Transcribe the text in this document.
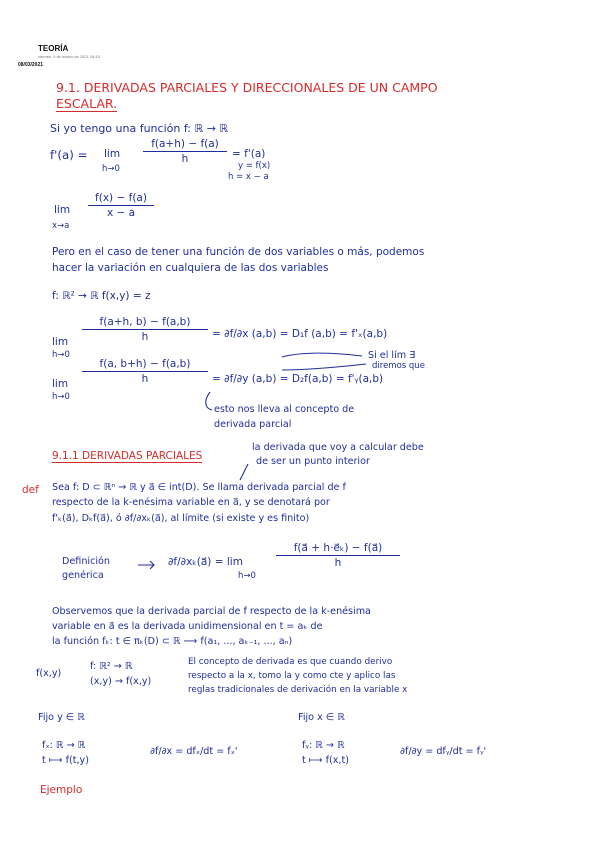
TEORÍA
viernes, 9 de marzo de 2021 18:43
08/03/2021
9.1. DERIVADAS PARCIALES Y DIRECCIONALES DE UN CAMPO
ESCALAR.
Si yo tengo una función f: ℝ → ℝ
f'(a) = lim
h→0
f(a+h) − f(a)
h	= f'(a)
y = f(x)
h = x − a
lim
x→a
f(x) − f(a)
x − a
Pero en el caso de tener una función de dos variables o más, podemos
hacer la variación en cualquiera de las dos variables
f: ℝ² → ℝ f(x,y) = z
lim
h→0
f(a+h, b) − f(a,b)
h	= ∂f/∂x (a,b) = D₁f (a,b) = f'ₓ(a,b)
lim
h→0
f(a, b+h) − f(a,b)
h	= ∂f/∂y (a,b) = D₂f(a,b) = f'ᵧ(a,b)
Si el lím ∃
diremos que
esto nos lleva al concepto de
derivada parcial
9.1.1 DERIVADAS PARCIALES
la derivada que voy a calcular debe
de ser un punto interior
def Sea f: D ⊂ ℝⁿ → ℝ y a⃗ ∈ int(D). Se llama derivada parcial de f
respecto de la k-enésima variable en a⃗, y se denotará por
f'ₖ(a⃗), Dₖf(a⃗), ó ∂f/∂xₖ(a⃗), al límite (si existe y es finito)
Definición
genérica
∂f/∂xₖ(a⃗) = lim
h→0
f(a⃗ + h·e⃗ₖ) − f(a⃗)
h
Observemos que la derivada parcial de f respecto de la k-enésima
variable en a⃗ es la derivada unidimensional en t = aₖ de
la función fₖ: t ∈ πₖ(D) ⊂ ℝ ⟶ f(a₁, ..., aₖ₋₁, ..., aₙ)
f(x,y)
f: ℝ² → ℝ
(x,y) → f(x,y)
El concepto de derivada es que cuando derivo
respecto a la x, tomo la y como cte y aplico las
reglas tradicionales de derivación en la variable x
Fijo y ∈ ℝ	Fijo x ∈ ℝ
fₓ: ℝ → ℝ
t ⟼ f(t,y)
∂f/∂x = dfₓ/dt = fₓ'
fᵧ: ℝ → ℝ
t ⟼ f(x,t)
∂f/∂y = dfᵧ/dt = fᵧ'
Ejemplo
